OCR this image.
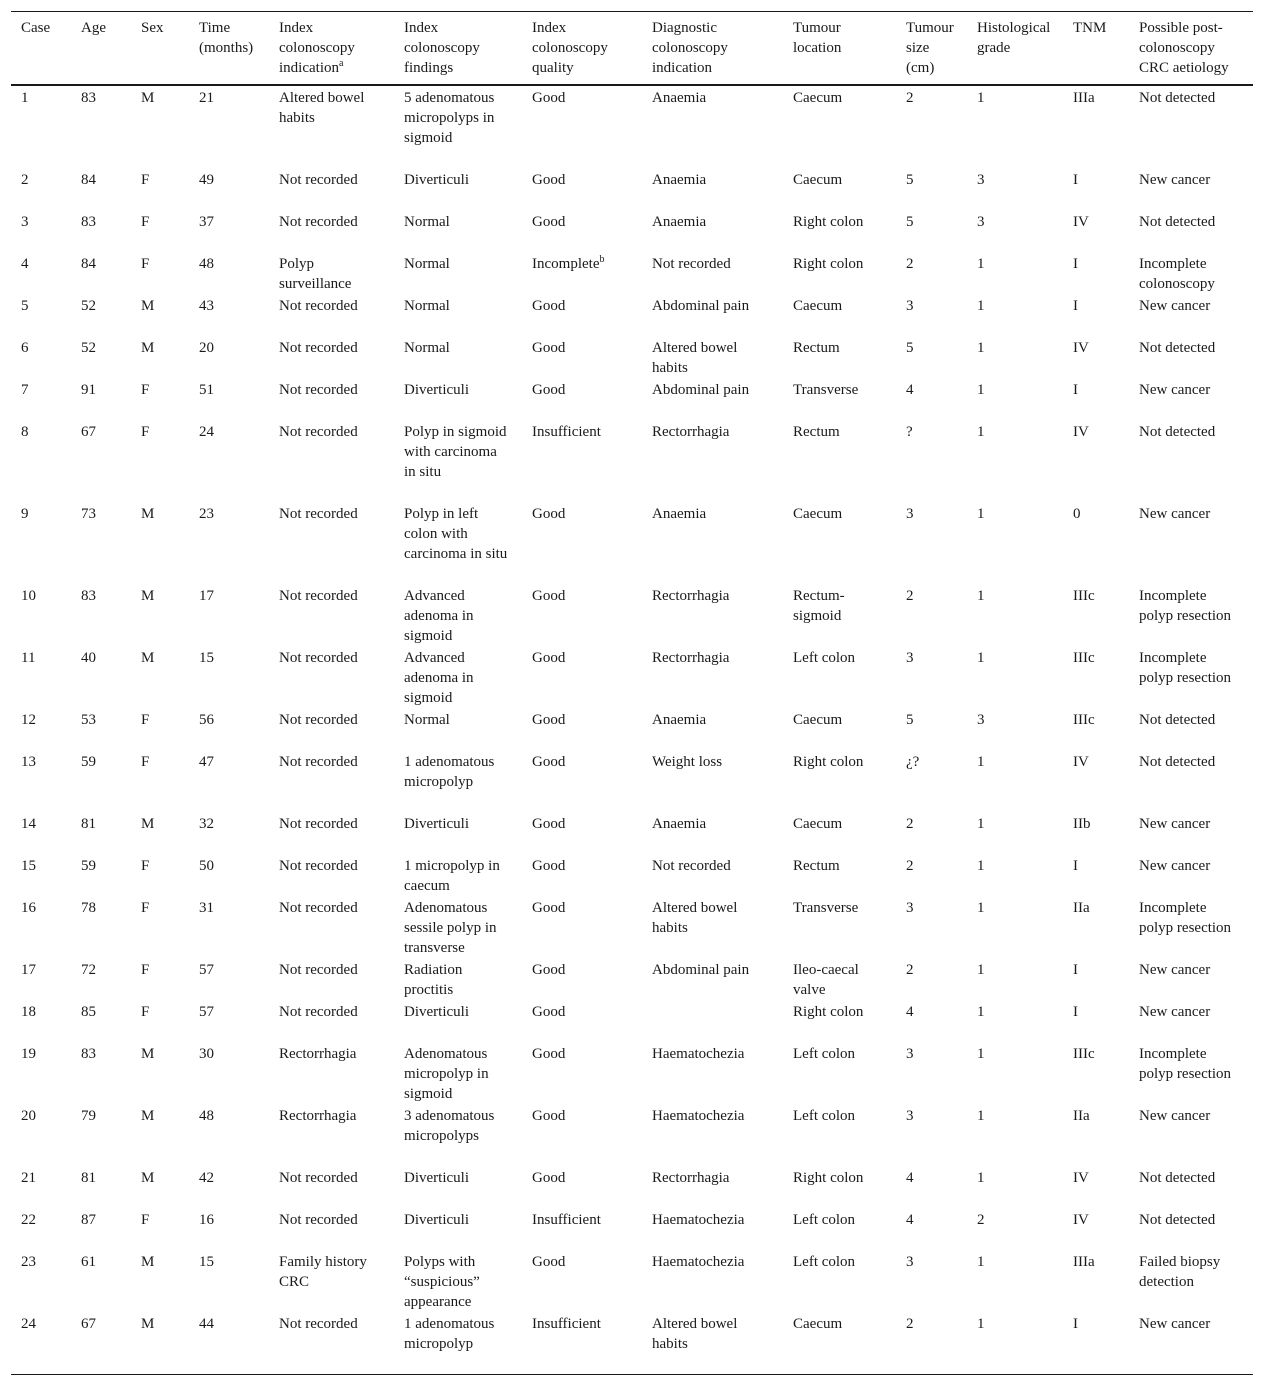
Case	Age	Sex	Time (months)	Index colonoscopy indication$^a$	Index colonoscopy findings	Index colonoscopy quality	Diagnostic colonoscopy indication	Tumour location	Tumour size (cm)	Histological grade	TNM	Possible post-colonoscopy CRC aetiology
1	83	M	21	Altered bowel habits	5 adenomatous micropolyps in sigmoid	Good	Anaemia	Caecum	2	1	IIIa	Not detected
2	84	F	49	Not recorded	Diverticuli	Good	Anaemia	Caecum	5	3	I	New cancer
3	83	F	37	Not recorded	Normal	Good	Anaemia	Right colon	5	3	IV	Not detected
4	84	F	48	Polyp surveillance	Normal	Incomplete$^b$	Not recorded	Right colon	2	1	I	Incomplete colonoscopy
5	52	M	43	Not recorded	Normal	Good	Abdominal pain	Caecum	3	1	I	New cancer
6	52	M	20	Not recorded	Normal	Good	Altered bowel habits	Rectum	5	1	IV	Not detected
7	91	F	51	Not recorded	Diverticuli	Good	Abdominal pain	Transverse	4	1	I	New cancer
8	67	F	24	Not recorded	Polyp in sigmoid with carcinoma in situ	Insufficient	Rectorrhagia	Rectum	?	1	IV	Not detected
9	73	M	23	Not recorded	Polyp in left colon with carcinoma in situ	Good	Anaemia	Caecum	3	1	0	New cancer
10	83	M	17	Not recorded	Advanced adenoma in sigmoid	Good	Rectorrhagia	Rectum-sigmoid	2	1	IIIc	Incomplete polyp resection
11	40	M	15	Not recorded	Advanced adenoma in sigmoid	Good	Rectorrhagia	Left colon	3	1	IIIc	Incomplete polyp resection
12	53	F	56	Not recorded	Normal	Good	Anaemia	Caecum	5	3	IIIc	Not detected
13	59	F	47	Not recorded	1 adenomatous micropolyp	Good	Weight loss	Right colon	¿?	1	IV	Not detected
14	81	M	32	Not recorded	Diverticuli	Good	Anaemia	Caecum	2	1	IIb	New cancer
15	59	F	50	Not recorded	1 micropolyp in caecum	Good	Not recorded	Rectum	2	1	I	New cancer
16	78	F	31	Not recorded	Adenomatous sessile polyp in transverse	Good	Altered bowel habits	Transverse	3	1	IIa	Incomplete polyp resection
17	72	F	57	Not recorded	Radiation proctitis	Good	Abdominal pain	Ileo-caecal valve	2	1	I	New cancer
18	85	F	57	Not recorded	Diverticuli	Good		Right colon	4	1	I	New cancer
19	83	M	30	Rectorrhagia	Adenomatous micropolyp in sigmoid	Good	Haematochezia	Left colon	3	1	IIIc	Incomplete polyp resection
20	79	M	48	Rectorrhagia	3 adenomatous micropolyps	Good	Haematochezia	Left colon	3	1	IIa	New cancer
21	81	M	42	Not recorded	Diverticuli	Good	Rectorrhagia	Right colon	4	1	IV	Not detected
22	87	F	16	Not recorded	Diverticuli	Insufficient	Haematochezia	Left colon	4	2	IV	Not detected
23	61	M	15	Family history CRC	Polyps with “suspicious” appearance	Good	Haematochezia	Left colon	3	1	IIIa	Failed biopsy detection
24	67	M	44	Not recorded	1 adenomatous micropolyp	Insufficient	Altered bowel habits	Caecum	2	1	I	New cancer
